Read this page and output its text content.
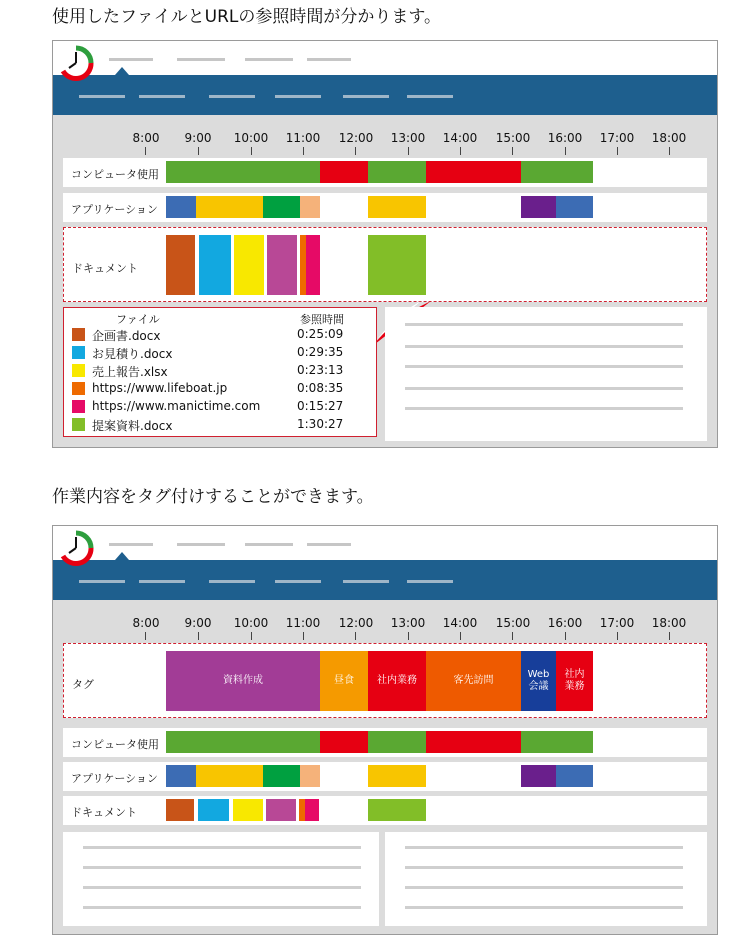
使用したファイルとURLの参照時間が分かります。
作業内容をタグ付けすることができます。
8:00	9:00	10:00 11:00 12:00 13:00 14:00 15:00 16:00 17:00 18:00
コンピュータ使用
アプリケーション
ドキュメント
ファイル	参照時間
企画書.docx	0:25:09
お見積り.docx	0:29:35
売上報告.xlsx	0:23:13
https://www.lifeboat.jp	0:08:35
https://www.manictime.com	0:15:27
提案資料.docx	1:30:27
8:00	9:00	10:00 11:00 12:00 13:00 14:00 15:00 16:00 17:00 18:00
タグ	資料作成	昼食	社内業務	客先訪問
Web
会議
社内
業務
コンピュータ使用
アプリケーション
ドキュメント
